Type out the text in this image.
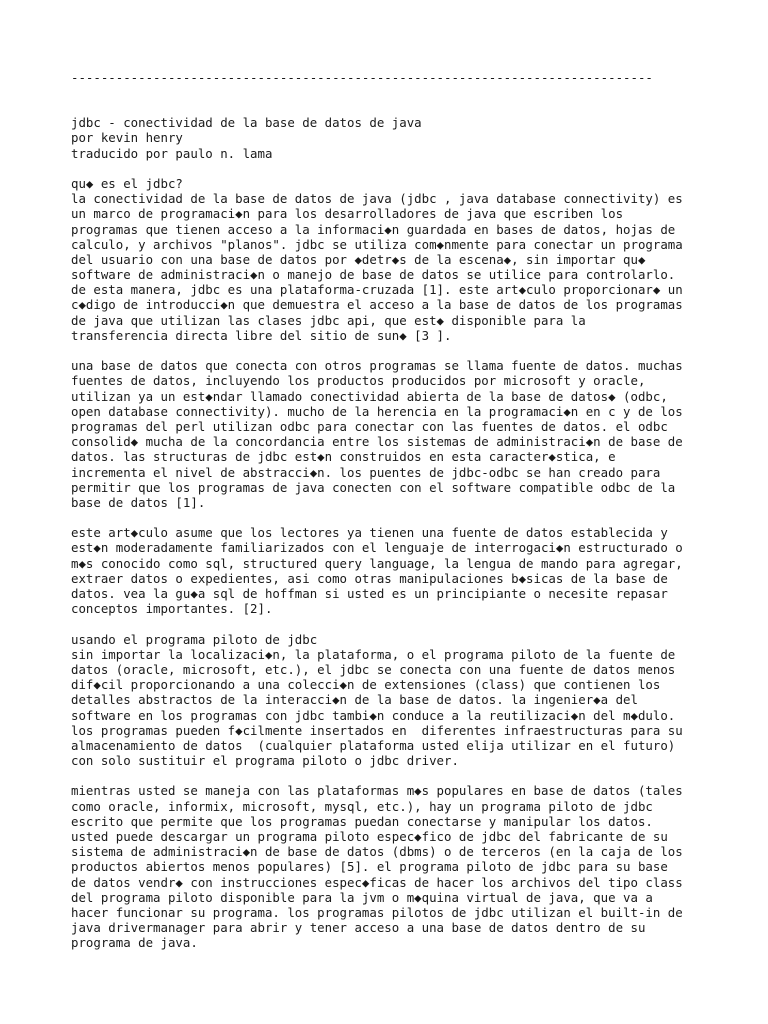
------------------------------------------------------------------------------
jdbc - conectividad de la base de datos de java
por kevin henry
traducido por paulo n. lama
qu◆ es el jdbc?
la conectividad de la base de datos de java (jdbc , java database connectivity) es
un marco de programaci◆n para los desarrolladores de java que escriben los
programas que tienen acceso a la informaci◆n guardada en bases de datos, hojas de
calculo, y archivos "planos". jdbc se utiliza com◆nmente para conectar un programa
del usuario con una base de datos por ◆detr◆s de la escena◆, sin importar qu◆
software de administraci◆n o manejo de base de datos se utilice para controlarlo.
de esta manera, jdbc es una plataforma-cruzada [1]. este art◆culo proporcionar◆ un
c◆digo de introducci◆n que demuestra el acceso a la base de datos de los programas
de java que utilizan las clases jdbc api, que est◆ disponible para la
transferencia directa libre del sitio de sun◆ [3 ].
una base de datos que conecta con otros programas se llama fuente de datos. muchas
fuentes de datos, incluyendo los productos producidos por microsoft y oracle,
utilizan ya un est◆ndar llamado conectividad abierta de la base de datos◆ (odbc,
open database connectivity). mucho de la herencia en la programaci◆n en c y de los
programas del perl utilizan odbc para conectar con las fuentes de datos. el odbc
consolid◆ mucha de la concordancia entre los sistemas de administraci◆n de base de
datos. las structuras de jdbc est◆n construidos en esta caracter◆stica, e
incrementa el nivel de abstracci◆n. los puentes de jdbc-odbc se han creado para
permitir que los programas de java conecten con el software compatible odbc de la
base de datos [1].
este art◆culo asume que los lectores ya tienen una fuente de datos establecida y
est◆n moderadamente familiarizados con el lenguaje de interrogaci◆n estructurado o
m◆s conocido como sql, structured query language, la lengua de mando para agregar,
extraer datos o expedientes, asi como otras manipulaciones b◆sicas de la base de
datos. vea la gu◆a sql de hoffman si usted es un principiante o necesite repasar
conceptos importantes. [2].
usando el programa piloto de jdbc
sin importar la localizaci◆n, la plataforma, o el programa piloto de la fuente de
datos (oracle, microsoft, etc.), el jdbc se conecta con una fuente de datos menos
dif◆cil proporcionando a una colecci◆n de extensiones (class) que contienen los
detalles abstractos de la interacci◆n de la base de datos. la ingenier◆a del
software en los programas con jdbc tambi◆n conduce a la reutilizaci◆n del m◆dulo.
los programas pueden f◆cilmente insertados en  diferentes infraestructuras para su
almacenamiento de datos  (cualquier plataforma usted elija utilizar en el futuro)
con solo sustituir el programa piloto o jdbc driver.
mientras usted se maneja con las plataformas m◆s populares en base de datos (tales
como oracle, informix, microsoft, mysql, etc.), hay un programa piloto de jdbc
escrito que permite que los programas puedan conectarse y manipular los datos.
usted puede descargar un programa piloto espec◆fico de jdbc del fabricante de su
sistema de administraci◆n de base de datos (dbms) o de terceros (en la caja de los
productos abiertos menos populares) [5]. el programa piloto de jdbc para su base
de datos vendr◆ con instrucciones espec◆ficas de hacer los archivos del tipo class
del programa piloto disponible para la jvm o m◆quina virtual de java, que va a
hacer funcionar su programa. los programas pilotos de jdbc utilizan el built-in de
java drivermanager para abrir y tener acceso a una base de datos dentro de su
programa de java.
